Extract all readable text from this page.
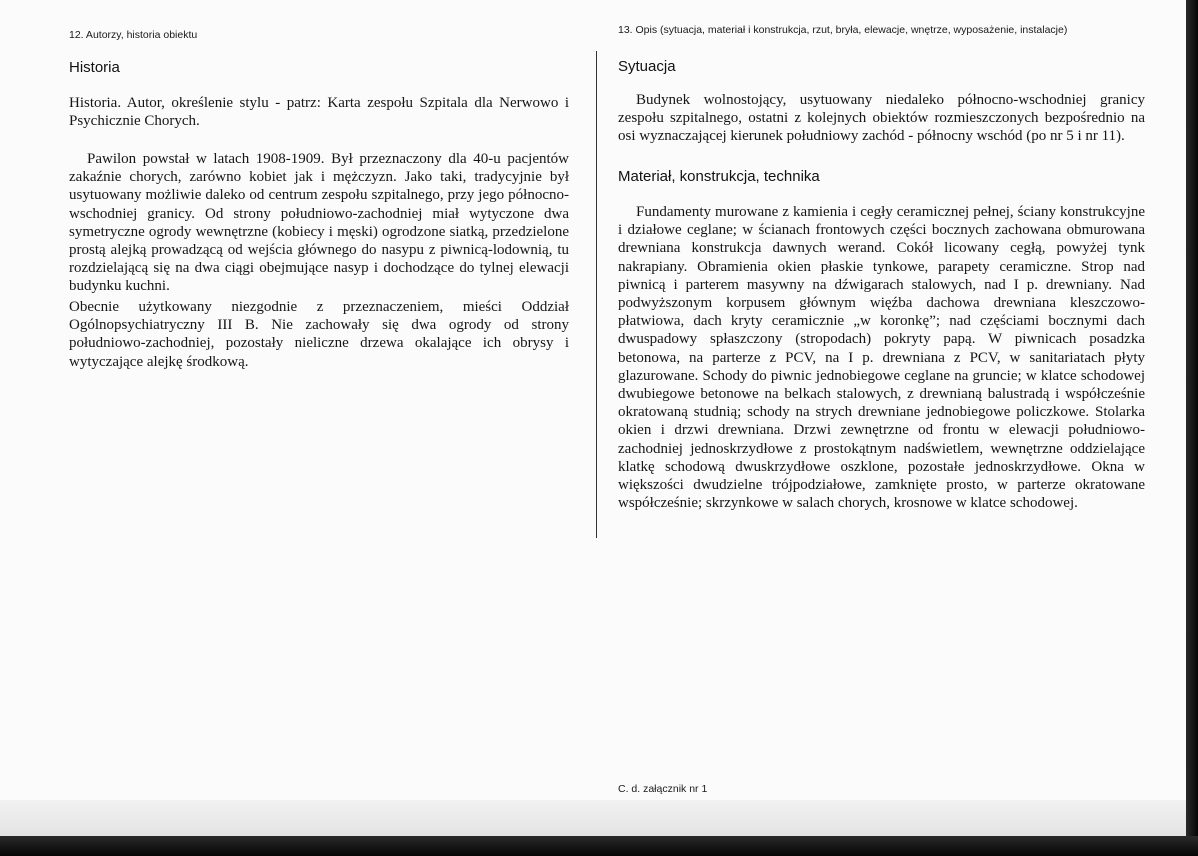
12. Autorzy, historia obiektu
Historia

Historia. Autor, określenie stylu - patrz: Karta zespołu Szpitala dla Nerwowo i Psychicznie Chorych.

Pawilon powstał w latach 1908-1909. Był przeznaczony dla 40-u pacjentów zakaźnie chorych, zarówno kobiet jak i mężczyzn. Jako taki, tradycyjnie był usytuowany możliwie daleko od centrum zespołu szpitalnego, przy jego północno-wschodniej granicy. Od strony południowo-zachodniej miał wytyczone dwa symetryczne ogrody wewnętrzne (kobiecy i męski) ogrodzone siatką, przedzielone prostą alejką prowadzącą od wejścia głównego do nasypu z piwnicą-lodownią, tu rozdzielającą się na dwa ciągi obejmujące nasyp i dochodzące do tylnej elewacji budynku kuchni.

Obecnie użytkowany niezgodnie z przeznaczeniem, mieści Oddział Ogólnopsychiatryczny III B. Nie zachowały się dwa ogrody od strony południowo-zachodniej, pozostały nieliczne drzewa okalające ich obrysy i wytyczające alejkę środkową.

13. Opis (sytuacja, materiał i konstrukcja, rzut, bryła, elewacje, wnętrze, wyposażenie, instalacje)
Sytuacja

Budynek wolnostojący, usytuowany niedaleko północno-wschodniej granicy zespołu szpitalnego, ostatni z kolejnych obiektów rozmieszczonych bezpośrednio na osi wyznaczającej kierunek południowy zachód - północny wschód (po nr 5 i nr 11).

Materiał, konstrukcja, technika

Fundamenty murowane z kamienia i cegły ceramicznej pełnej, ściany konstrukcyjne i działowe ceglane; w ścianach frontowych części bocznych zachowana obmurowana drewniana konstrukcja dawnych werand. Cokół licowany cegłą, powyżej tynk nakrapiany. Obramienia okien płaskie tynkowe, parapety ceramiczne. Strop nad piwnicą i parterem masywny na dźwigarach stalowych, nad I p. drewniany. Nad podwyższonym korpusem głównym więźba dachowa drewniana kleszczowo-płatwiowa, dach kryty ceramicznie „w koronkę”; nad częściami bocznymi dach dwuspadowy spłaszczony (stropodach) pokryty papą. W piwnicach posadzka betonowa, na parterze z PCV, na I p. drewniana z PCV, w sanitariatach płyty glazurowane. Schody do piwnic jednobiegowe ceglane na gruncie; w klatce schodowej dwubiegowe betonowe na belkach stalowych, z drewnianą balustradą i współcześnie okratowaną studnią; schody na strych drewniane jednobiegowe policzkowe. Stolarka okien i drzwi drewniana. Drzwi zewnętrzne od frontu w elewacji południowo-zachodniej jednoskrzydłowe z prostokątnym nadświetlem, wewnętrzne oddzielające klatkę schodową dwuskrzydłowe oszklone, pozostałe jednoskrzydłowe. Okna w większości dwudzielne trójpodziałowe, zamknięte prosto, w parterze okratowane współcześnie; skrzynkowe w salach chorych, krosnowe w klatce schodowej.

C. d. załącznik nr 1
